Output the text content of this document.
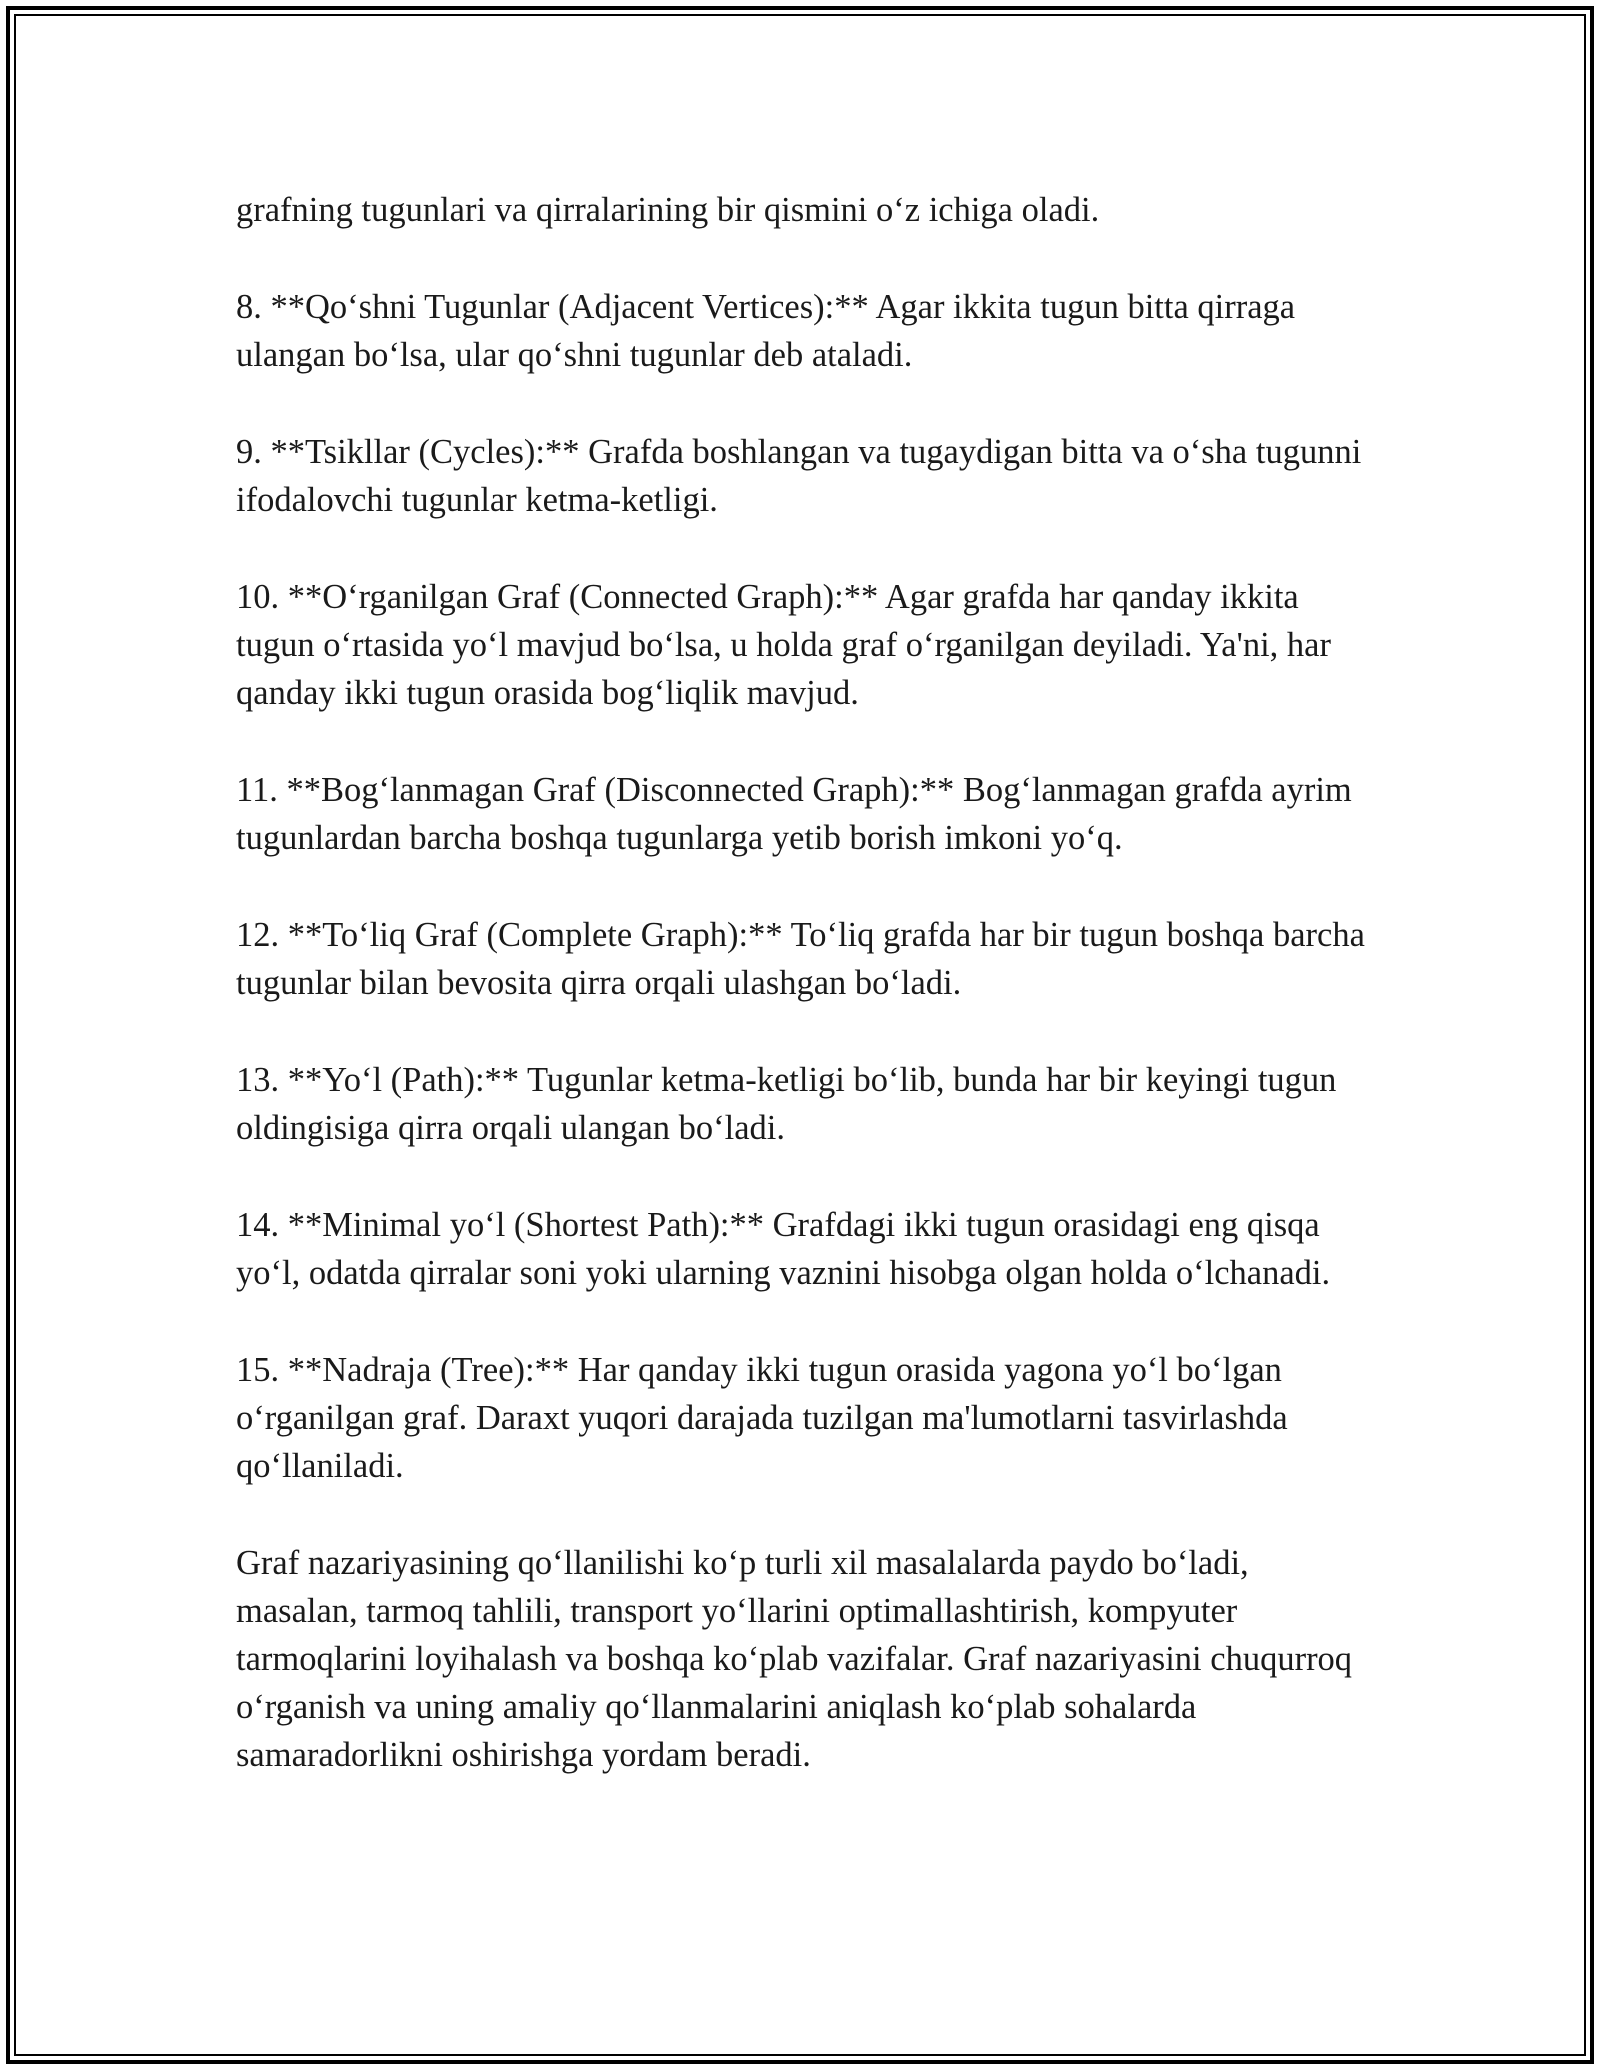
grafning tugunlari va qirralarining bir qismini o‘z ichiga oladi.

8. **Qo‘shni Tugunlar (Adjacent Vertices):** Agar ikkita tugun bitta qirraga ulangan bo‘lsa, ular qo‘shni tugunlar deb ataladi.

9. **Tsikllar (Cycles):** Grafda boshlangan va tugaydigan bitta va o‘sha tugunni ifodalovchi tugunlar ketma-ketligi.

10. **O‘rganilgan Graf (Connected Graph):** Agar grafda har qanday ikkita tugun o‘rtasida yo‘l mavjud bo‘lsa, u holda graf o‘rganilgan deyiladi. Ya'ni, har qanday ikki tugun orasida bog‘liqlik mavjud.

11. **Bog‘lanmagan Graf (Disconnected Graph):** Bog‘lanmagan grafda ayrim tugunlardan barcha boshqa tugunlarga yetib borish imkoni yo‘q.

12. **To‘liq Graf (Complete Graph):** To‘liq grafda har bir tugun boshqa barcha tugunlar bilan bevosita qirra orqali ulashgan bo‘ladi.

13. **Yo‘l (Path):** Tugunlar ketma-ketligi bo‘lib, bunda har bir keyingi tugun oldingisiga qirra orqali ulangan bo‘ladi.

14. **Minimal yo‘l (Shortest Path):** Grafdagi ikki tugun orasidagi eng qisqa yo‘l, odatda qirralar soni yoki ularning vaznini hisobga olgan holda o‘lchanadi.

15. **Nadraja (Tree):** Har qanday ikki tugun orasida yagona yo‘l bo‘lgan o‘rganilgan graf. Daraxt yuqori darajada tuzilgan ma'lumotlarni tasvirlashda qo‘llaniladi.

Graf nazariyasining qo‘llanilishi ko‘p turli xil masalalarda paydo bo‘ladi, masalan, tarmoq tahlili, transport yo‘llarini optimallashtirish, kompyuter tarmoqlarini loyihalash va boshqa ko‘plab vazifalar. Graf nazariyasini chuqurroq o‘rganish va uning amaliy qo‘llanmalarini aniqlash ko‘plab sohalarda samaradorlikni oshirishga yordam beradi.
